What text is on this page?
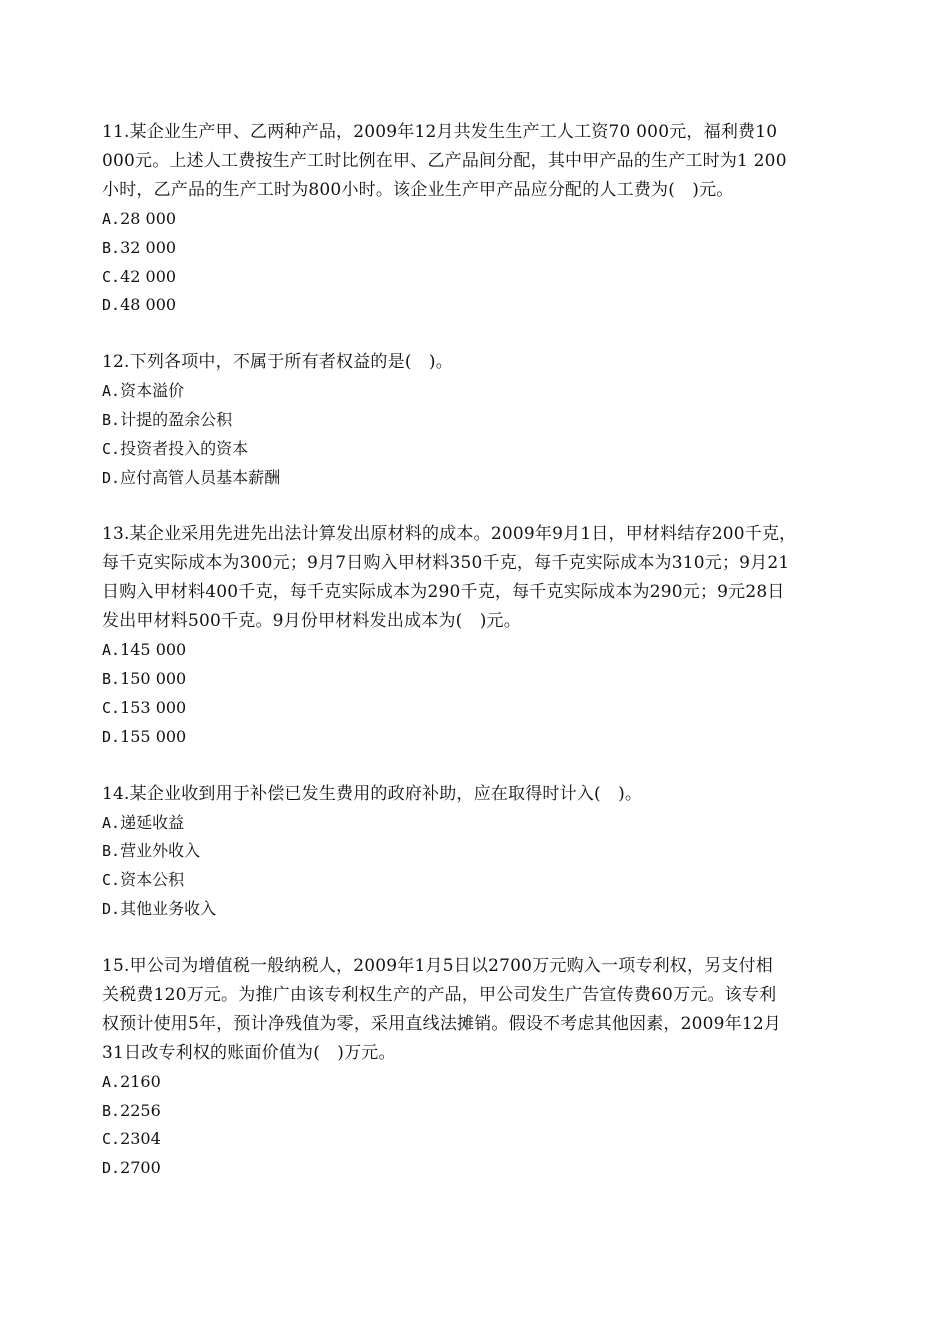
11.某企业生产甲、乙两种产品，2009年12月共发生生产工人工资70 000元，福利费10
000元。上述人工费按生产工时比例在甲、乙产品间分配，其中甲产品的生产工时为1 200
小时，乙产品的生产工时为800小时。该企业生产甲产品应分配的人工费为(　)元。

A.28 000

B.32 000

C.42 000

D.48 000

12.下列各项中，不属于所有者权益的是(　)。

A.资本溢价

B.计提的盈余公积

C.投资者投入的资本

D.应付高管人员基本薪酬

13.某企业采用先进先出法计算发出原材料的成本。2009年9月1日，甲材料结存200千克，
每千克实际成本为300元；9月7日购入甲材料350千克，每千克实际成本为310元；9月21
日购入甲材料400千克，每千克实际成本为290千克，每千克实际成本为290元；9元28日
发出甲材料500千克。9月份甲材料发出成本为(　)元。

A.145 000

B.150 000

C.153 000

D.155 000

14.某企业收到用于补偿已发生费用的政府补助，应在取得时计入(　)。

A.递延收益

B.营业外收入

C.资本公积

D.其他业务收入

15.甲公司为增值税一般纳税人，2009年1月5日以2700万元购入一项专利权，另支付相
关税费120万元。为推广由该专利权生产的产品，甲公司发生广告宣传费60万元。该专利
权预计使用5年，预计净残值为零，采用直线法摊销。假设不考虑其他因素，2009年12月
31日改专利权的账面价值为(　)万元。

A.2160

B.2256

C.2304

D.2700
